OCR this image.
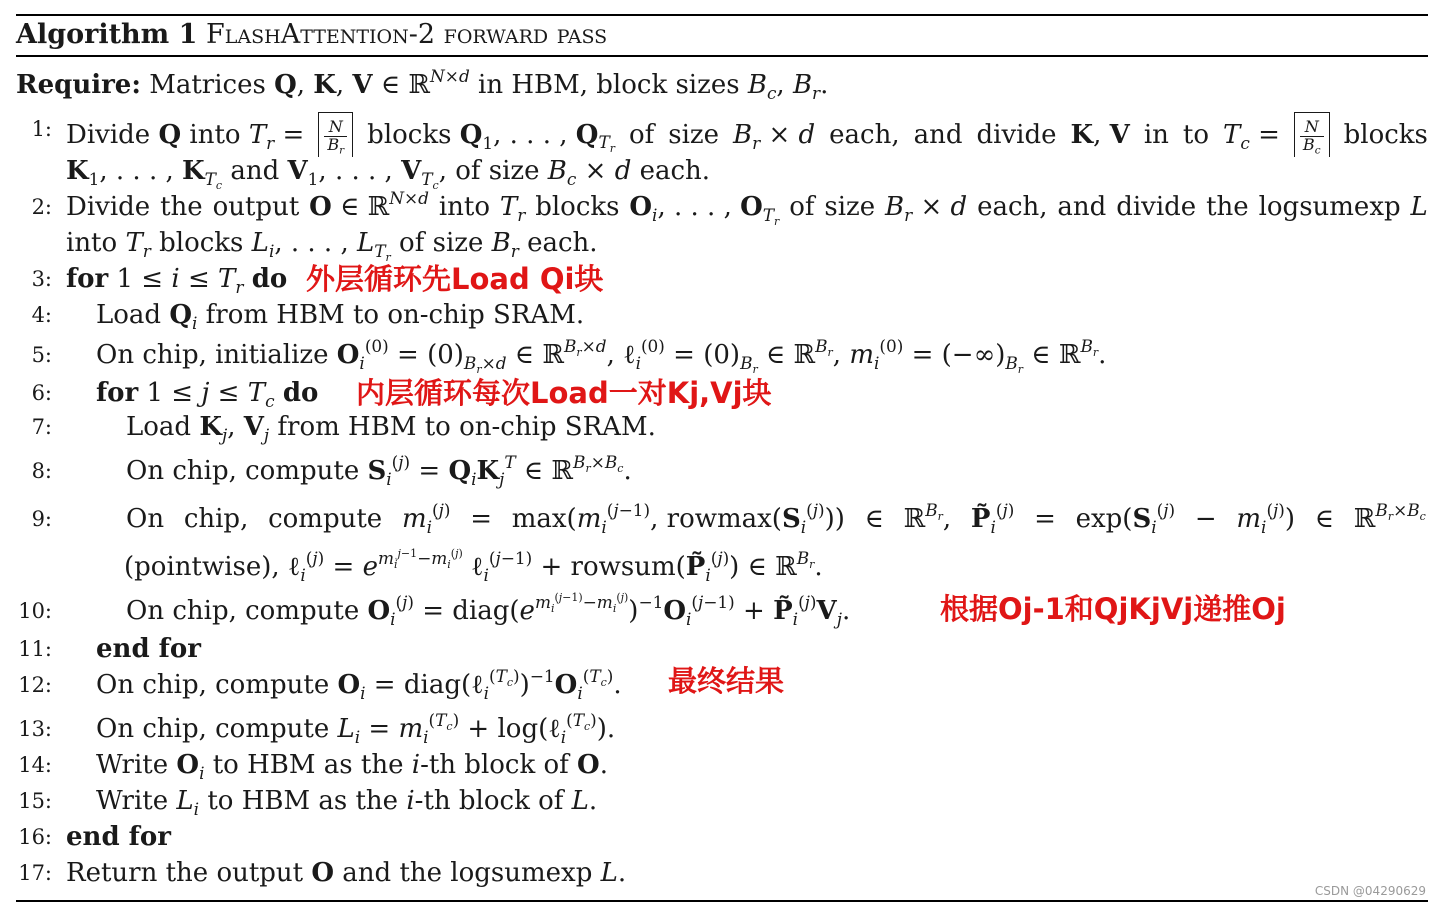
Algorithm 1 FlashAttention-2 forward pass
Require: Matrices Q, K, V ∈ ℝ$^{N\times d}$ in HBM, block sizes $B_c$, $B_r$.
1: Divide Q into $T_r = \frac{N}{B_r}$ blocks $Q_1$, . . . , $Q_{T_r}$ of size $B_r \times d$ each, and divide K, V in to $T_c = \frac{N}{B_c}$ blocks
$K_1$, . . . , $K_{T_c}$ and $V_1$, . . . , $V_{T_c}$, of size $B_c \times d$ each.
2: Divide the output O ∈ ℝ$^{N\times d}$ into $T_r$ blocks $O_i$, . . . , $O_{T_r}$ of size $B_r \times d$ each, and divide the logsumexp L
into $T_r$ blocks $L_i$, . . . , $L_{T_r}$ of size $B_r$ each.
3: for $1 \le i \le T_r$ do 外层循环先Load Qi块
4: Load $Q_i$ from HBM to on-chip SRAM.
5: On chip, initialize $O_i^{(0)} = (0)_{B_r\times d}$ ∈ ℝ$^{B_r\times d}$, ℓ$_i^{(0)}$ = $(0)_{B_r}$ ∈ ℝ$^{B_r}$, $m_i^{(0)} = (-\infty)_{B_r}$ ∈ ℝ$^{B_r}$.
6: for $1 \le j \le T_c$ do 内层循环每次Load一对Kj,Vj块
7:	Load $K_j$, $V_j$ from HBM to on-chip SRAM.
8:	On chip, compute $S_i^{(j)} = Q_iK_j^T$ ∈ ℝ$^{B_r\times B_c}$.
9:	On chip, compute $m_i^{(j)} = \max(m_i^{(j-1)}$, $rowmax(S_i^{(j)})$) ∈ ℝ$^{B_r}$, $P̃_i^{(j)} = \exp(S_i^{(j)} - m_i^{(j)})$ ∈ ℝ$^{B_r\times B_c}$
(pointwise), ℓ$_i^{(j)}$ = $e^{m_i^{j-1}-m_i^{(j)}}$ ℓ$_i^{(j-1)}$ + $rowsum(P̃_i^{(j)})$ ∈ ℝ$^{B_r}$.
10:	On chip, compute $O_i^{(j)}$ = $diag(e^{m_i^{(j-1)}-m_i^{(j)}})^{-1}O_i^{(j-1)}$ + $P̃_i^{(j)}V_j$.	根据Oj-1和QjKjVj递推Oj
11: end for
12: On chip, compute $O_i$ = $diag(\ell_i^{(T_c)})^{-1}O_i^{(T_c)}$. 最终结果
13: On chip, compute $L_i = m_i^{(T_c)}$ + log(ℓ$_i^{(T_c)}$).
14: Write $O_i$ to HBM as the i-th block of O.
15: Write $L_i$ to HBM as the i-th block of L.
16: end for
17: Return the output O and the logsumexp L.
CSDN @04290629
